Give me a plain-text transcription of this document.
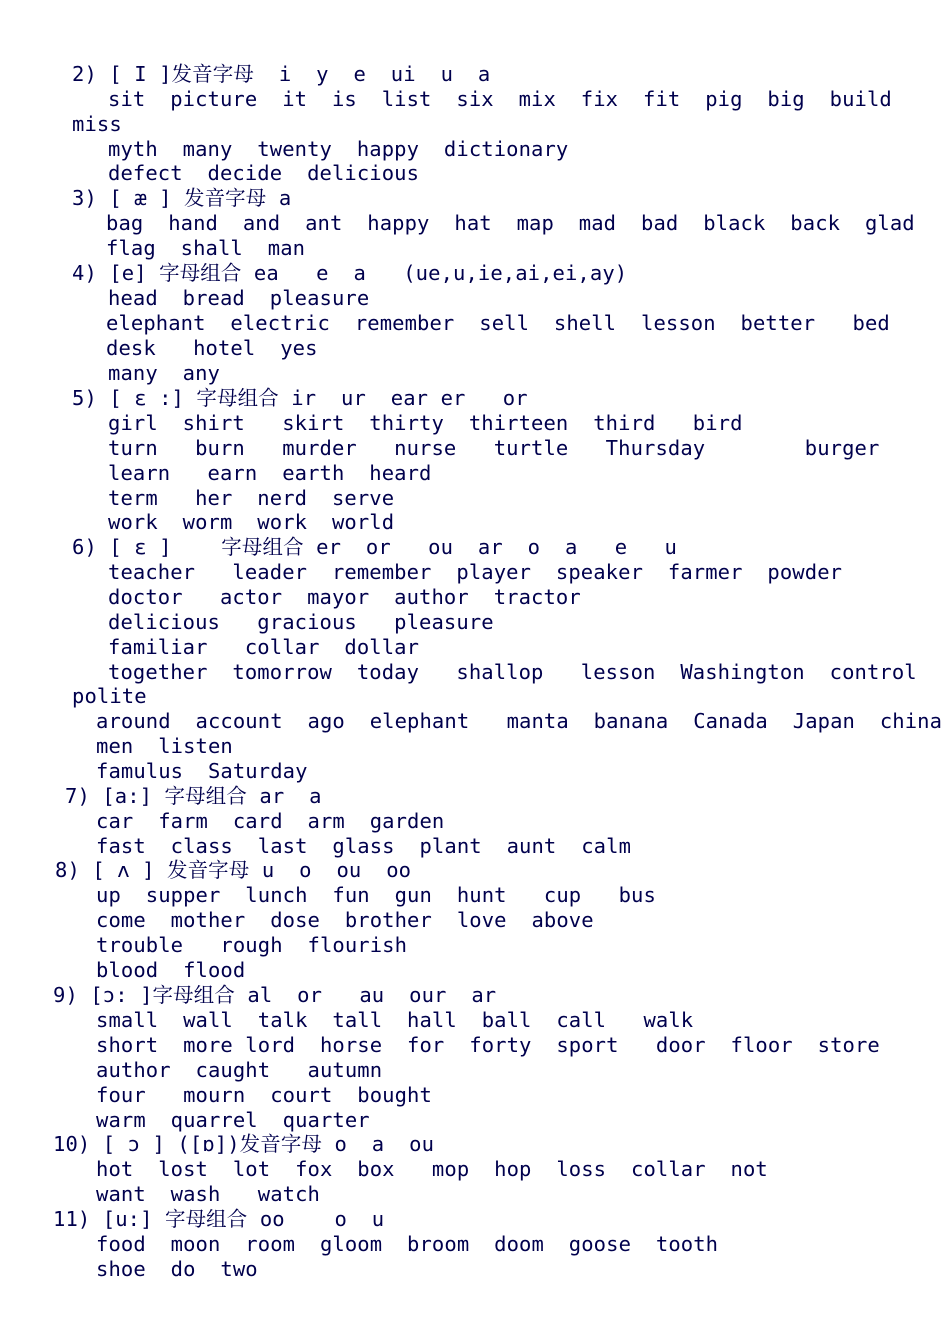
2) [ I ]发音字母  i  y  e  ui  u  a
sit  picture  it  is  list  six  mix  fix  fit  pig  big  build
miss
myth  many  twenty  happy  dictionary
defect  decide  delicious
3) [ æ ] 发音字母 a
bag  hand  and  ant  happy  hat  map  mad  bad  black  back  glad
flag  shall  man
4) [e] 字母组合 ea   e  a   (ue,u,ie,ai,ei,ay)
head  bread  pleasure
elephant  electric  remember  sell  shell  lesson  better   bed
desk   hotel  yes
many  any
5) [ ε :] 字母组合 ir  ur  ear er   or
girl  shirt   skirt  thirty  thirteen  third   bird
turn   burn   murder   nurse   turtle   Thursday        burger
learn   earn  earth  heard
term   her  nerd  serve
work  worm  work  world
6) [ ε ]    字母组合 er  or   ou  ar  o  a   e   u
teacher   leader  remember  player  speaker  farmer  powder
doctor   actor  mayor  author  tractor
delicious   gracious   pleasure
familiar   collar  dollar
together  tomorrow  today   shallop   lesson  Washington  control
polite
around  account  ago  elephant   manta  banana  Canada  Japan  china
men  listen
famulus  Saturday
7) [a:] 字母组合 ar  a
car  farm  card  arm  garden
fast  class  last  glass  plant  aunt  calm
8) [ ʌ ] 发音字母 u  o  ou  oo
up  supper  lunch  fun  gun  hunt   cup   bus
come  mother  dose  brother  love  above
trouble   rough  flourish
blood  flood
9) [ɔ: ]字母组合 al  or   au  our  ar
small  wall  talk  tall  hall  ball  call   walk
short  more lord  horse  for  forty  sport   door  floor  store
author  caught   autumn
four   mourn  court  bought
warm  quarrel  quarter
10) [ ɔ ] ([ɒ])发音字母 o  a  ou
hot  lost  lot  fox  box   mop  hop  loss  collar  not
want  wash   watch
11) [u:] 字母组合 oo    o  u
food  moon  room  gloom  broom  doom  goose  tooth
shoe  do  two
